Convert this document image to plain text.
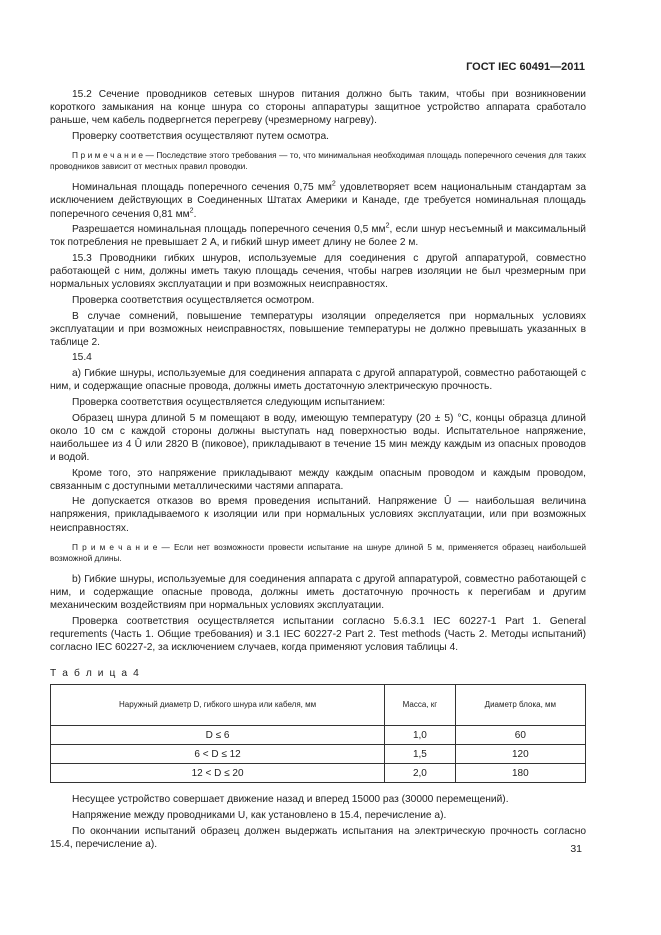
ГОСТ IEC 60491—2011

15.2 Сечение проводников сетевых шнуров питания должно быть таким, чтобы при возникновении короткого замыкания на конце шнура со стороны аппаратуры защитное устройство аппарата сработало раньше, чем кабель подвергнется перегреву (чрезмерному нагреву).

Проверку соответствия осуществляют путем осмотра.

П р и м е ч а н и е — Последствие этого требования — то, что минимальная необходимая площадь поперечного сечения для таких проводников зависит от местных правил проводки.

Номинальная площадь поперечного сечения 0,75 $мм^2$ удовлетворяет всем национальным стандартам за исключением действующих в Соединенных Штатах Америки и Канаде, где требуется номинальная площадь поперечного сечения 0,81 $мм^2$.

Разрешается номинальная площадь поперечного сечения 0,5 $мм^2$, если шнур несъемный и максимальный ток потребления не превышает 2 А, и гибкий шнур имеет длину не более 2 м.

15.3 Проводники гибких шнуров, используемые для соединения с другой аппаратурой, совместно работающей с ним, должны иметь такую площадь сечения, чтобы нагрев изоляции не был чрезмерным при нормальных условиях эксплуатации и при возможных неисправностях.

Проверка соответствия осуществляется осмотром.

В случае сомнений, повышение температуры изоляции определяется при нормальных условиях эксплуатации и при возможных неисправностях, повышение температуры не должно превышать указанных в таблице 2.

15.4

а) Гибкие шнуры, используемые для соединения аппарата с другой аппаратурой, совместно работающей с ним, и содержащие опасные провода, должны иметь достаточную электрическую прочность.

Проверка соответствия осуществляется следующим испытанием:

Образец шнура длиной 5 м помещают в воду, имеющую температуру (20 ± 5) °С, концы образца длиной около 10 см с каждой стороны должны выступать над поверхностью воды. Испытательное напряжение, наибольшее из 4 Û или 2820 В (пиковое), прикладывают в течение 15 мин между каждым из опасных проводов и водой.

Кроме того, это напряжение прикладывают между каждым опасным проводом и каждым проводом, связанным с доступными металлическими частями аппарата.

Не допускается отказов во время проведения испытаний. Напряжение Û — наибольшая величина напряжения, прикладываемого к изоляции или при нормальных условиях эксплуатации, или при возможных неисправностях.

П р и м е ч а н и е — Если нет возможности провести испытание на шнуре длиной 5 м, применяется образец наибольшей возможной длины.

b) Гибкие шнуры, используемые для соединения аппарата с другой аппаратурой, совместно работающей с ним, и содержащие опасные провода, должны иметь достаточную прочность к перегибам и другим механическим воздействиям при нормальных условиях эксплуатации.

Проверка соответствия осуществляется испытании согласно 5.6.3.1 IEC 60227-1 Part 1. General requrements (Часть 1. Общие требования) и 3.1 IEC 60227-2 Part 2. Test methods (Часть 2. Методы испытаний) согласно IEC 60227-2, за исключением случаев, когда применяют условия таблицы 4.

Т а б л и ц а 4
Наружный диаметр D, гибкого шнура или кабеля, мм	Масса, кг	Диаметр блока, мм
D ≤ 6	1,0	60
6 < D ≤ 12	1,5	120
12 < D ≤ 20	2,0	180

Несущее устройство совершает движение назад и вперед 15000 раз (30000 перемещений).

Напряжение между проводниками U, как установлено в 15.4, перечисление а).

По окончании испытаний образец должен выдержать испытания на электрическую прочность согласно 15.4, перечисление а).	31
